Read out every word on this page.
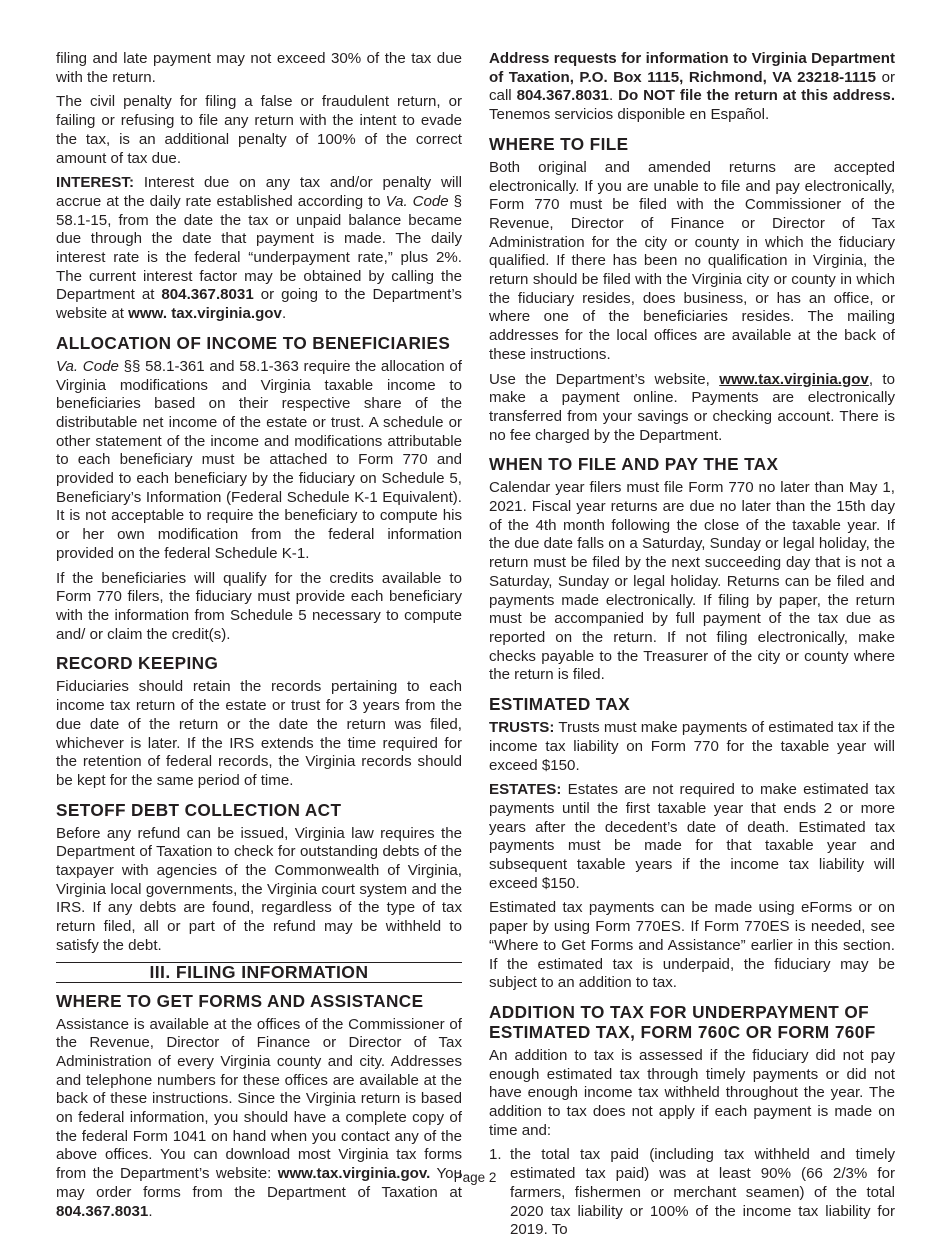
filing and late payment may not exceed 30% of the tax due with the return.

The civil penalty for filing a false or fraudulent return, or failing or refusing to file any return with the intent to evade the tax, is an additional penalty of 100% of the correct amount of tax due.

INTEREST: Interest due on any tax and/or penalty will accrue at the daily rate established according to Va. Code § 58.1-15, from the date the tax or unpaid balance became due through the date that payment is made. The daily interest rate is the federal “underpayment rate,” plus 2%. The current interest factor may be obtained by calling the Department at 804.367.8031 or going to the Department’s website at www. tax.virginia.gov.

ALLOCATION OF INCOME TO BENEFICIARIES

Va. Code §§ 58.1-361 and 58.1-363 require the allocation of Virginia modifications and Virginia taxable income to beneficiaries based on their respective share of the distributable net income of the estate or trust. A schedule or other statement of the income and modifications attributable to each beneficiary must be attached to Form 770 and provided to each beneficiary by the fiduciary on Schedule 5, Beneficiary’s Information (Federal Schedule K-1 Equivalent). It is not acceptable to require the beneficiary to compute his or her own modification from the federal information provided on the federal Schedule K-1.

If the beneficiaries will qualify for the credits available to Form 770 filers, the fiduciary must provide each beneficiary with the information from Schedule 5 necessary to compute and/ or claim the credit(s).

RECORD KEEPING

Fiduciaries should retain the records pertaining to each income tax return of the estate or trust for 3 years from the due date of the return or the date the return was filed, whichever is later. If the IRS extends the time required for the retention of federal records, the Virginia records should be kept for the same period of time.

SETOFF DEBT COLLECTION ACT

Before any refund can be issued, Virginia law requires the Department of Taxation to check for outstanding debts of the taxpayer with agencies of the Commonwealth of Virginia, Virginia local governments, the Virginia court system and the IRS. If any debts are found, regardless of the type of tax return filed, all or part of the refund may be withheld to satisfy the debt.

III. FILING INFORMATION
WHERE TO GET FORMS AND ASSISTANCE

Assistance is available at the offices of the Commissioner of the Revenue, Director of Finance or Director of Tax Administration of every Virginia county and city. Addresses and telephone numbers for these offices are available at the back of these instructions. Since the Virginia return is based on federal information, you should have a complete copy of the federal Form 1041 on hand when you contact any of the above offices. You can download most Virginia tax forms from the Department’s website: www.tax.virginia.gov. You may order forms from the Department of Taxation at 804.367.8031.

Address requests for information to Virginia Department of Taxation, P.O. Box 1115, Richmond, VA 23218-1115 or call 804.367.8031. Do NOT file the return at this address. Tenemos servicios disponible en Español.

WHERE TO FILE

Both original and amended returns are accepted electronically. If you are unable to file and pay electronically, Form 770 must be filed with the Commissioner of the Revenue, Director of Finance or Director of Tax Administration for the city or county in which the fiduciary qualified. If there has been no qualification in Virginia, the return should be filed with the Virginia city or county in which the fiduciary resides, does business, or has an office, or where one of the beneficiaries resides. The mailing addresses for the local offices are available at the back of these instructions.

Use the Department’s website, www.tax.virginia.gov, to make a payment online. Payments are electronically transferred from your savings or checking account. There is no fee charged by the Department.

WHEN TO FILE AND PAY THE TAX

Calendar year filers must file Form 770 no later than May 1, 2021. Fiscal year returns are due no later than the 15th day of the 4th month following the close of the taxable year. If the due date falls on a Saturday, Sunday or legal holiday, the return must be filed by the next succeeding day that is not a Saturday, Sunday or legal holiday. Returns can be filed and payments made electronically. If filing by paper, the return must be accompanied by full payment of the tax due as reported on the return. If not filing electronically, make checks payable to the Treasurer of the city or county where the return is filed.

ESTIMATED TAX

TRUSTS: Trusts must make payments of estimated tax if the income tax liability on Form 770 for the taxable year will exceed $150.

ESTATES: Estates are not required to make estimated tax payments until the first taxable year that ends 2 or more years after the decedent’s date of death. Estimated tax payments must be made for that taxable year and subsequent taxable years if the income tax liability will exceed $150.

Estimated tax payments can be made using eForms or on paper by using Form 770ES. If Form 770ES is needed, see “Where to Get Forms and Assistance” earlier in this section. If the estimated tax is underpaid, the fiduciary may be subject to an addition to tax.

ADDITION TO TAX FOR UNDERPAYMENT OF ESTIMATED TAX, FORM 760C OR FORM 760F

An addition to tax is assessed if the fiduciary did not pay enough estimated tax through timely payments or did not have enough income tax withheld throughout the year. The addition to tax does not apply if each payment is made on time and:

1. the total tax paid (including tax withheld and timely estimated tax paid) was at least 90% (66 2/3% for farmers, fishermen or merchant seamen) of the total 2020 tax liability or 100% of the income tax liability for 2019. To
Page 2
